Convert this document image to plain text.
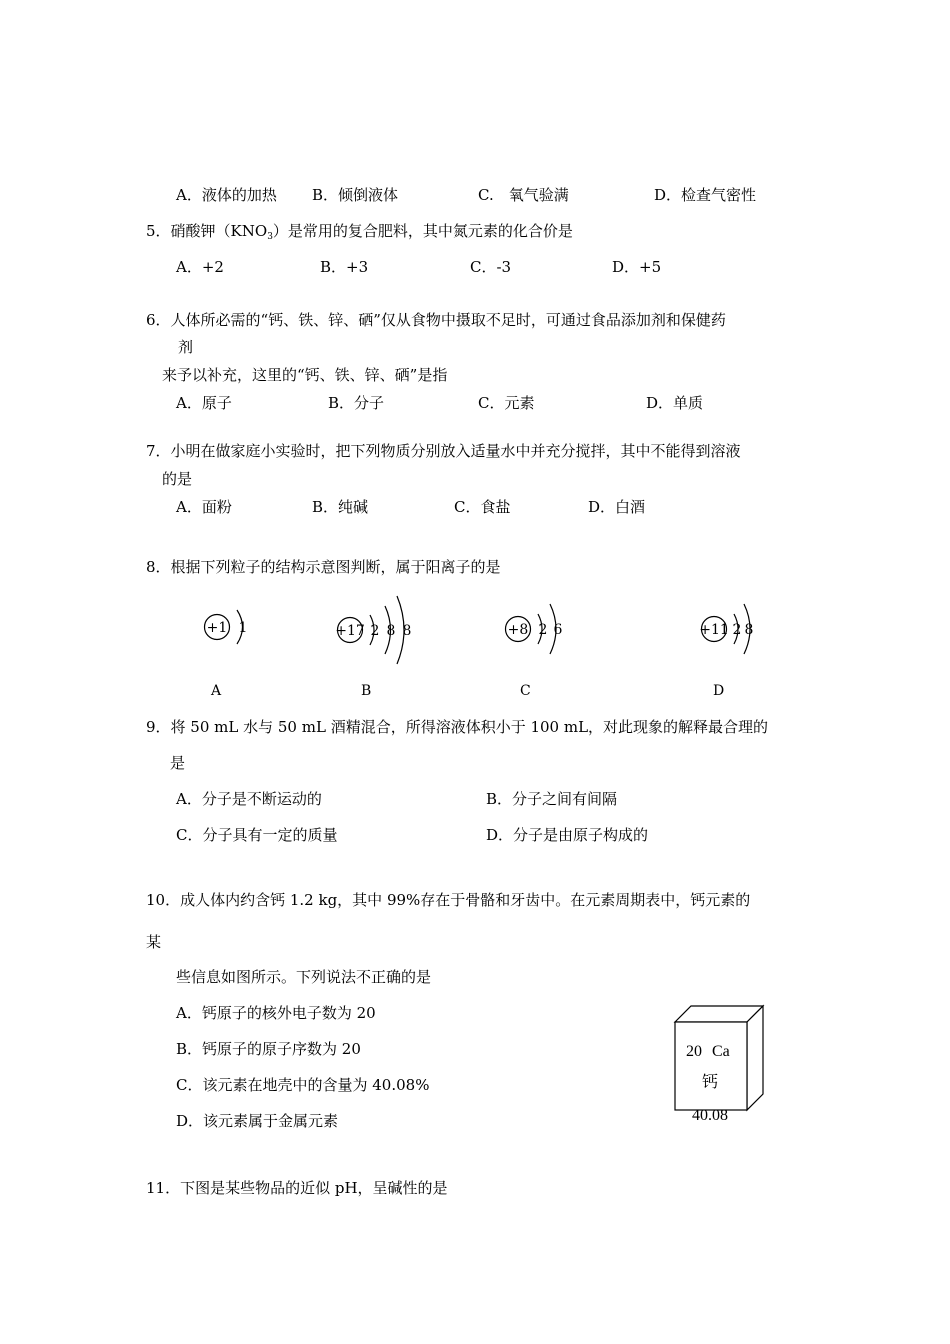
A．液体的加热 B．倾倒液体	C.　氧气验满	D．检查气密性
5．硝酸钾$(KNO_3)$是常用的复合肥料，其中氮元素的化合价是
A．+2	B．+3	C．-3	D．+5
6．人体所必需的“钙、铁、锌、硒”仅从食物中摄取不足时，可通过食品添加剂和保健药
剂
来予以补充，这里的“钙、铁、锌、硒”是指
A．原子	B．分子	C．元素	D．单质
7．小明在做家庭小实验时，把下列物质分别放入适量水中并充分搅拌，其中不能得到溶液
的是
A．面粉	B．纯碱	C．食盐	D．白酒
8．根据下列粒子的结构示意图判断，属于阳离子的是
+1 1
A
+17 2 8 8
B
+8 2 6
C
+11 2 8
D
9．将 50 mL 水与 50 mL 酒精混合，所得溶液体积小于 100 mL，对此现象的解释最合理的
是
A．分子是不断运动的	B．分子之间有间隔
C．分子具有一定的质量	D．分子是由原子构成的
10．成人体内约含钙 1.2 kg，其中 99%存在于骨骼和牙齿中。在元素周期表中，钙元素的
某
些信息如图所示。下列说法不正确的是
A．钙原子的核外电子数为 20
B．钙原子的原子序数为 20
C．该元素在地壳中的含量为 40.08%
D．该元素属于金属元素
20 Ca
钙
40.08
11．下图是某些物品的近似 pH，呈碱性的是
